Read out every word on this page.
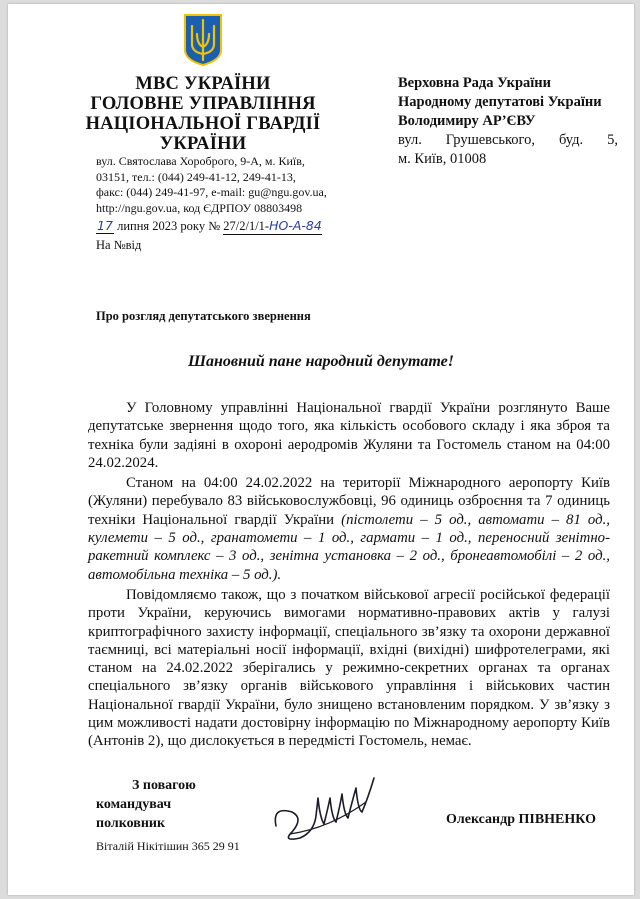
МВС УКРАЇНИ
ГОЛОВНЕ УПРАВЛІННЯ
НАЦІОНАЛЬНОЇ ГВАРДІЇ
УКРАЇНИ
вул. Святослава Хороброго, 9-А, м. Київ,
03151, тел.: (044) 249-41-12, 249-41-13,
факс: (044) 249-41-97, e-mail: gu@ngu.gov.ua,
http://ngu.gov.ua, код ЄДРПОУ 08803498
17 липня 2023 року № 27/2/1/1-НО-А-84
На №від
Верховна Рада України
Народному депутатові України
Володимиру АР’ЄВУ
вул. Грушевського, буд. 5,
м. Київ, 01008
Про розгляд депутатського звернення
Шановний пане народний депутате!

У Головному управлінні Національної гвардії України розглянуто Ваше депутатське звернення щодо того, яка кількість особового складу і яка зброя та техніка були задіяні в охороні аеродромів Жуляни та Гостомель станом на 04:00 24.02.2024.

Станом на 04:00 24.02.2022 на території Міжнародного аеропорту Київ (Жуляни) перебувало 83 військовослужбовці, 96 одиниць озброєння та 7 одиниць техніки Національної гвардії України (пістолети – 5 од., автомати – 81 од., кулемети – 5 од., гранатомети – 1 од., гармати – 1 од., переносний зенітно-ракетний комплекс – 3 од., зенітна установка – 2 од., бронеавтомобілі – 2 од., автомобільна техніка – 5 од.).

Повідомляємо також, що з початком військової агресії російської федерації проти України, керуючись вимогами нормативно-правових актів у галузі криптографічного захисту інформації, спеціального зв’язку та охорони державної таємниці, всі матеріальні носії інформації, вхідні (вихідні) шифротелеграми, які станом на 24.02.2022 зберігались у режимно-секретних органах та органах спеціального зв’язку органів військового управління і військових частин Національної гвардії України, було знищено встановленим порядком. У зв’язку з цим можливості надати достовірну інформацію по Міжнародному аеропорту Київ (Антонів 2), що дислокується в передмісті Гостомель, немає.

З повагою
командувач
полковник	Олександр ПІВНЕНКО
Віталій Нікітішин 365 29 91
